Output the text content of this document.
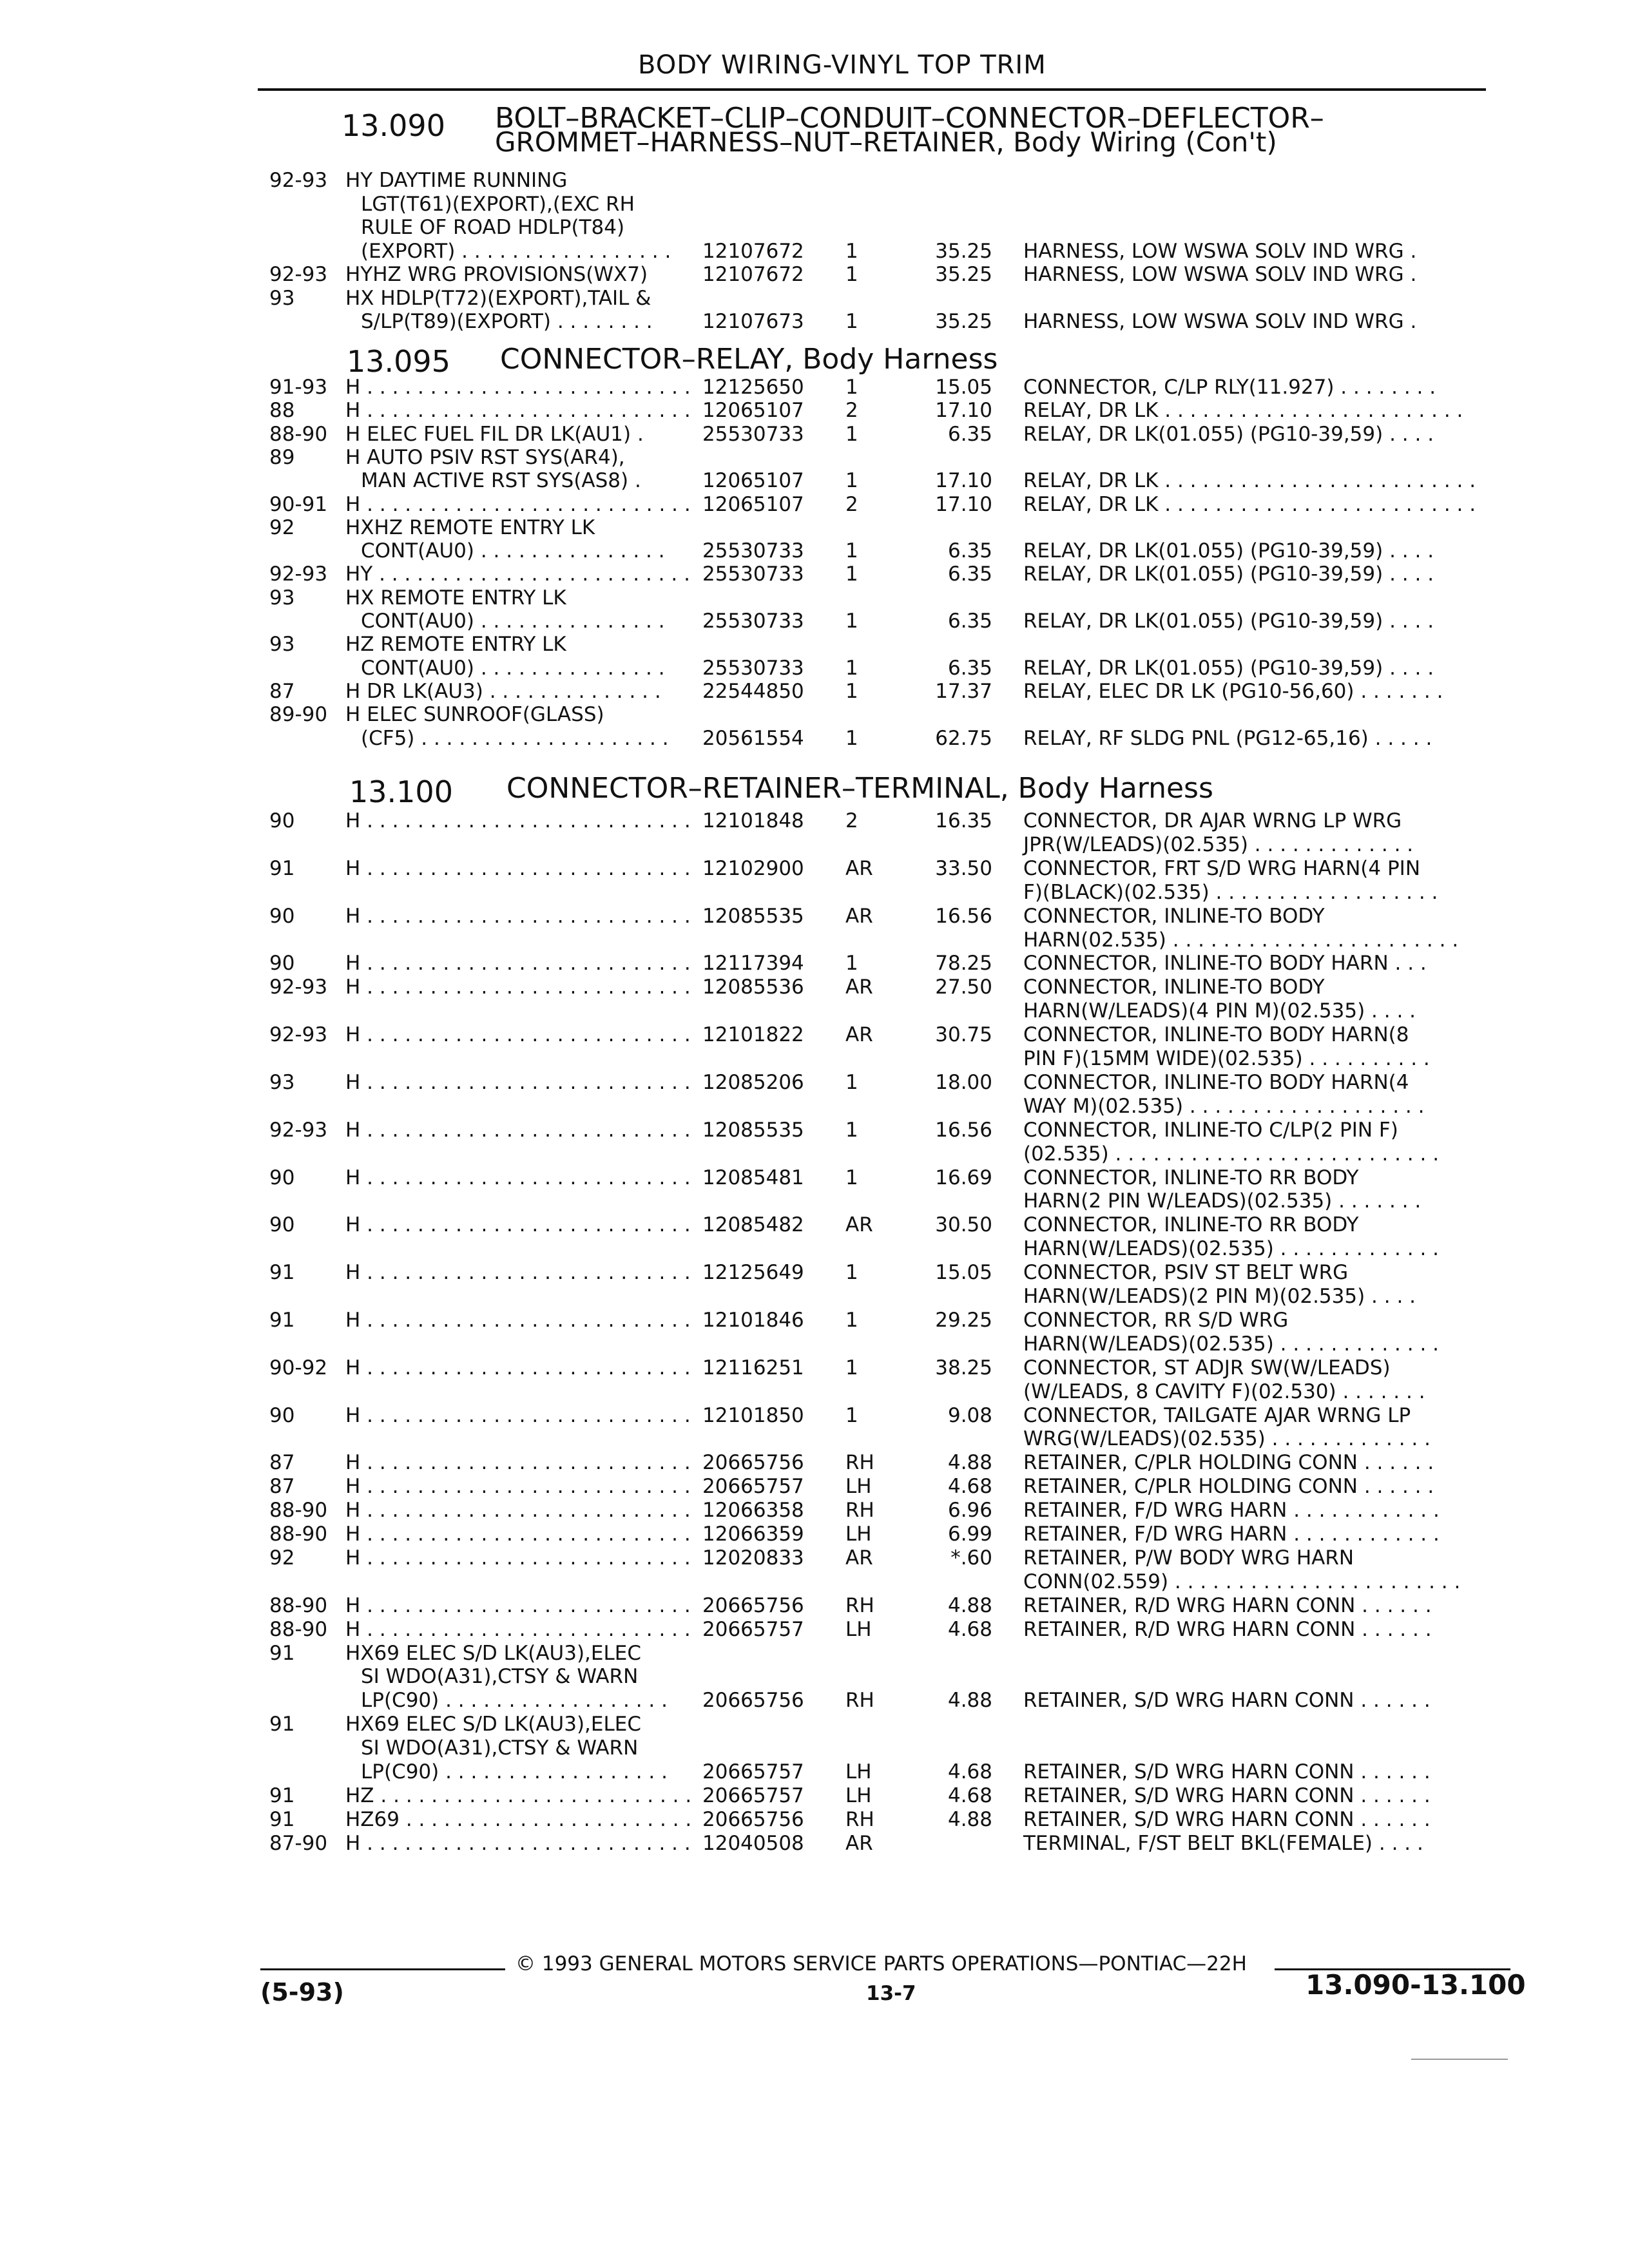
BODY WIRING-VINYL TOP TRIM
13.090 BOLT–BRACKET–CLIP–CONDUIT–CONNECTOR–DEFLECTOR–
GROMMET–HARNESS–NUT–RETAINER, Body Wiring (Con't)
92-93 HY DAYTIME RUNNING
LGT(T61)(EXPORT),(EXC RH
RULE OF ROAD HDLP(T84)
(EXPORT) . . . . . . . . . . . . . . . . . 12107672 1	35.25 HARNESS, LOW WSWA SOLV IND WRG .
92-93 HYHZ WRG PROVISIONS(WX7)	12107672 1	35.25 HARNESS, LOW WSWA SOLV IND WRG .
93	HX HDLP(T72)(EXPORT),TAIL &
S/LP(T89)(EXPORT) . . . . . . . . 12107673 1	35.25 HARNESS, LOW WSWA SOLV IND WRG .
13.095 CONNECTOR–RELAY, Body Harness
91-93 H . . . . . . . . . . . . . . . . . . . . . . . . . . 12125650 1	15.05 CONNECTOR, C/LP RLY(11.927) . . . . . . . .
88	H . . . . . . . . . . . . . . . . . . . . . . . . . . 12065107 2	17.10 RELAY, DR LK . . . . . . . . . . . . . . . . . . . . . . . .
88-90 H ELEC FUEL FIL DR LK(AU1) .	25530733 1	6.35 RELAY, DR LK(01.055) (PG10-39,59) . . . .
89	H AUTO PSIV RST SYS(AR4),
MAN ACTIVE RST SYS(AS8) .	12065107 1	17.10 RELAY, DR LK . . . . . . . . . . . . . . . . . . . . . . . . .
90-91 H . . . . . . . . . . . . . . . . . . . . . . . . . . 12065107 2	17.10 RELAY, DR LK . . . . . . . . . . . . . . . . . . . . . . . . .
92	HXHZ REMOTE ENTRY LK
CONT(AU0) . . . . . . . . . . . . . . . 25530733 1	6.35 RELAY, DR LK(01.055) (PG10-39,59) . . . .
92-93 HY . . . . . . . . . . . . . . . . . . . . . . . . . 25530733 1	6.35 RELAY, DR LK(01.055) (PG10-39,59) . . . .
93	HX REMOTE ENTRY LK
CONT(AU0) . . . . . . . . . . . . . . . 25530733 1	6.35 RELAY, DR LK(01.055) (PG10-39,59) . . . .
93	HZ REMOTE ENTRY LK
CONT(AU0) . . . . . . . . . . . . . . . 25530733 1	6.35 RELAY, DR LK(01.055) (PG10-39,59) . . . .
87	H DR LK(AU3) . . . . . . . . . . . . . . 22544850 1	17.37 RELAY, ELEC DR LK (PG10-56,60) . . . . . . .
89-90 H ELEC SUNROOF(GLASS)
(CF5) . . . . . . . . . . . . . . . . . . . . 20561554 1	62.75 RELAY, RF SLDG PNL (PG12-65,16) . . . . .
13.100 CONNECTOR–RETAINER–TERMINAL, Body Harness
90	H . . . . . . . . . . . . . . . . . . . . . . . . . . 12101848 2	16.35 CONNECTOR, DR AJAR WRNG LP WRG
JPR(W/LEADS)(02.535) . . . . . . . . . . . . .
91	H . . . . . . . . . . . . . . . . . . . . . . . . . . 12102900 AR	33.50 CONNECTOR, FRT S/D WRG HARN(4 PIN
F)(BLACK)(02.535) . . . . . . . . . . . . . . . . . .
90	H . . . . . . . . . . . . . . . . . . . . . . . . . . 12085535 AR	16.56 CONNECTOR, INLINE-TO BODY
HARN(02.535) . . . . . . . . . . . . . . . . . . . . . . .
90	H . . . . . . . . . . . . . . . . . . . . . . . . . . 12117394 1	78.25 CONNECTOR, INLINE-TO BODY HARN . . .
92-93 H . . . . . . . . . . . . . . . . . . . . . . . . . . 12085536 AR	27.50 CONNECTOR, INLINE-TO BODY
HARN(W/LEADS)(4 PIN M)(02.535) . . . .
92-93 H . . . . . . . . . . . . . . . . . . . . . . . . . . 12101822 AR	30.75 CONNECTOR, INLINE-TO BODY HARN(8
PIN F)(15MM WIDE)(02.535) . . . . . . . . . .
93	H . . . . . . . . . . . . . . . . . . . . . . . . . . 12085206 1	18.00 CONNECTOR, INLINE-TO BODY HARN(4
WAY M)(02.535) . . . . . . . . . . . . . . . . . . .
92-93 H . . . . . . . . . . . . . . . . . . . . . . . . . . 12085535 1	16.56 CONNECTOR, INLINE-TO C/LP(2 PIN F)
(02.535) . . . . . . . . . . . . . . . . . . . . . . . . . .
90	H . . . . . . . . . . . . . . . . . . . . . . . . . . 12085481 1	16.69 CONNECTOR, INLINE-TO RR BODY
HARN(2 PIN W/LEADS)(02.535) . . . . . . .
90	H . . . . . . . . . . . . . . . . . . . . . . . . . . 12085482 AR	30.50 CONNECTOR, INLINE-TO RR BODY
HARN(W/LEADS)(02.535) . . . . . . . . . . . . .
91	H . . . . . . . . . . . . . . . . . . . . . . . . . . 12125649 1	15.05 CONNECTOR, PSIV ST BELT WRG
HARN(W/LEADS)(2 PIN M)(02.535) . . . .
91	H . . . . . . . . . . . . . . . . . . . . . . . . . . 12101846 1	29.25 CONNECTOR, RR S/D WRG
HARN(W/LEADS)(02.535) . . . . . . . . . . . . .
90-92 H . . . . . . . . . . . . . . . . . . . . . . . . . . 12116251 1	38.25 CONNECTOR, ST ADJR SW(W/LEADS)
(W/LEADS, 8 CAVITY F)(02.530) . . . . . . .
90	H . . . . . . . . . . . . . . . . . . . . . . . . . . 12101850 1	9.08 CONNECTOR, TAILGATE AJAR WRNG LP
WRG(W/LEADS)(02.535) . . . . . . . . . . . . .
87	H . . . . . . . . . . . . . . . . . . . . . . . . . . 20665756 RH	4.88 RETAINER, C/PLR HOLDING CONN . . . . . .
87	H . . . . . . . . . . . . . . . . . . . . . . . . . . 20665757 LH	4.68 RETAINER, C/PLR HOLDING CONN . . . . . .
88-90 H . . . . . . . . . . . . . . . . . . . . . . . . . . 12066358 RH	6.96 RETAINER, F/D WRG HARN . . . . . . . . . . . .
88-90 H . . . . . . . . . . . . . . . . . . . . . . . . . . 12066359 LH	6.99 RETAINER, F/D WRG HARN . . . . . . . . . . . .
92	H . . . . . . . . . . . . . . . . . . . . . . . . . . 12020833 AR	*.60 RETAINER, P/W BODY WRG HARN
CONN(02.559) . . . . . . . . . . . . . . . . . . . . . . .
88-90 H . . . . . . . . . . . . . . . . . . . . . . . . . . 20665756 RH	4.88 RETAINER, R/D WRG HARN CONN . . . . . .
88-90 H . . . . . . . . . . . . . . . . . . . . . . . . . . 20665757 LH	4.68 RETAINER, R/D WRG HARN CONN . . . . . .
91	HX69 ELEC S/D LK(AU3),ELEC
SI WDO(A31),CTSY & WARN
LP(C90) . . . . . . . . . . . . . . . . . . 20665756 RH	4.88 RETAINER, S/D WRG HARN CONN . . . . . .
91	HX69 ELEC S/D LK(AU3),ELEC
SI WDO(A31),CTSY & WARN
LP(C90) . . . . . . . . . . . . . . . . . . 20665757 LH	4.68 RETAINER, S/D WRG HARN CONN . . . . . .
91	HZ . . . . . . . . . . . . . . . . . . . . . . . . . 20665757 LH	4.68 RETAINER, S/D WRG HARN CONN . . . . . .
91	HZ69 . . . . . . . . . . . . . . . . . . . . . . . 20665756 RH	4.88 RETAINER, S/D WRG HARN CONN . . . . . .
87-90 H . . . . . . . . . . . . . . . . . . . . . . . . . . 12040508 AR	TERMINAL, F/ST BELT BKL(FEMALE) . . . .
© 1993 GENERAL MOTORS SERVICE PARTS OPERATIONS—PONTIAC—22H
(5-93)	13-7	13.090-13.100
